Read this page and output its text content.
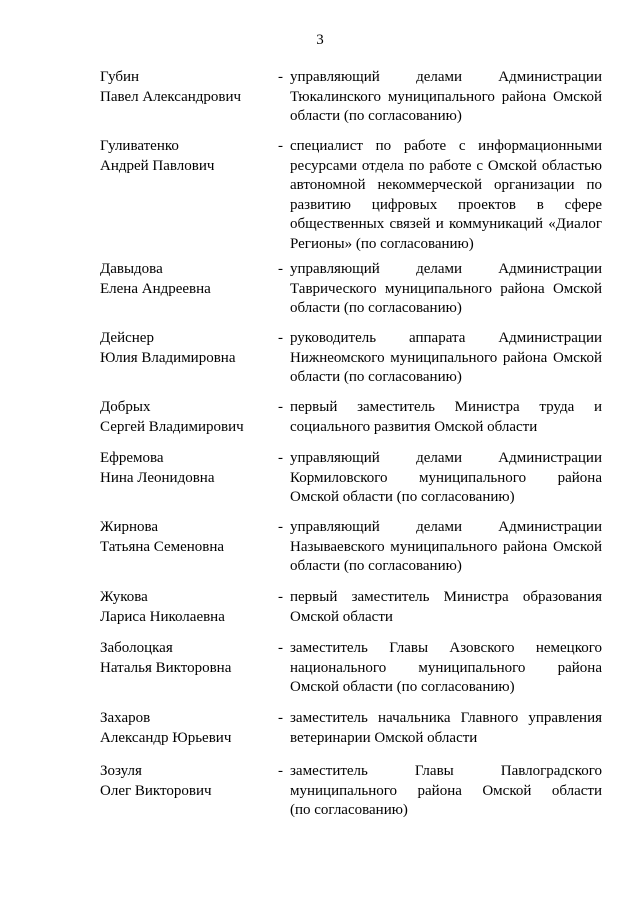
3
Губин
Павел Александрович
- управляющий делами Администрации
Тюкалинского муниципального района Омской
области (по согласованию)
Гуливатенко
Андрей Павлович
- специалист по работе с информационными
ресурсами отдела по работе с Омской областью
автономной некоммерческой организации по
развитию цифровых проектов в сфере
общественных связей и коммуникаций «Диалог
Регионы» (по согласованию)
Давыдова
Елена Андреевна
- управляющий делами Администрации
Таврического муниципального района Омской
области (по согласованию)
Дейснер
Юлия Владимировна
- руководитель аппарата Администрации
Нижнеомского муниципального района Омской
области (по согласованию)
Добрых
Сергей Владимирович
- первый заместитель Министра труда и
социального развития Омской области
Ефремова
Нина Леонидовна
- управляющий делами Администрации
Кормиловского муниципального района
Омской области (по согласованию)
Жирнова
Татьяна Семеновна
- управляющий делами Администрации
Называевского муниципального района Омской
области (по согласованию)
Жукова
Лариса Николаевна
- первый заместитель Министра образования
Омской области
Заболоцкая
Наталья Викторовна
- заместитель Главы Азовского немецкого
национального муниципального района
Омской области (по согласованию)
Захаров
Александр Юрьевич
- заместитель начальника Главного управления
ветеринарии Омской области
Зозуля
Олег Викторович
- заместитель Главы Павлоградского
муниципального района Омской области
(по согласованию)
